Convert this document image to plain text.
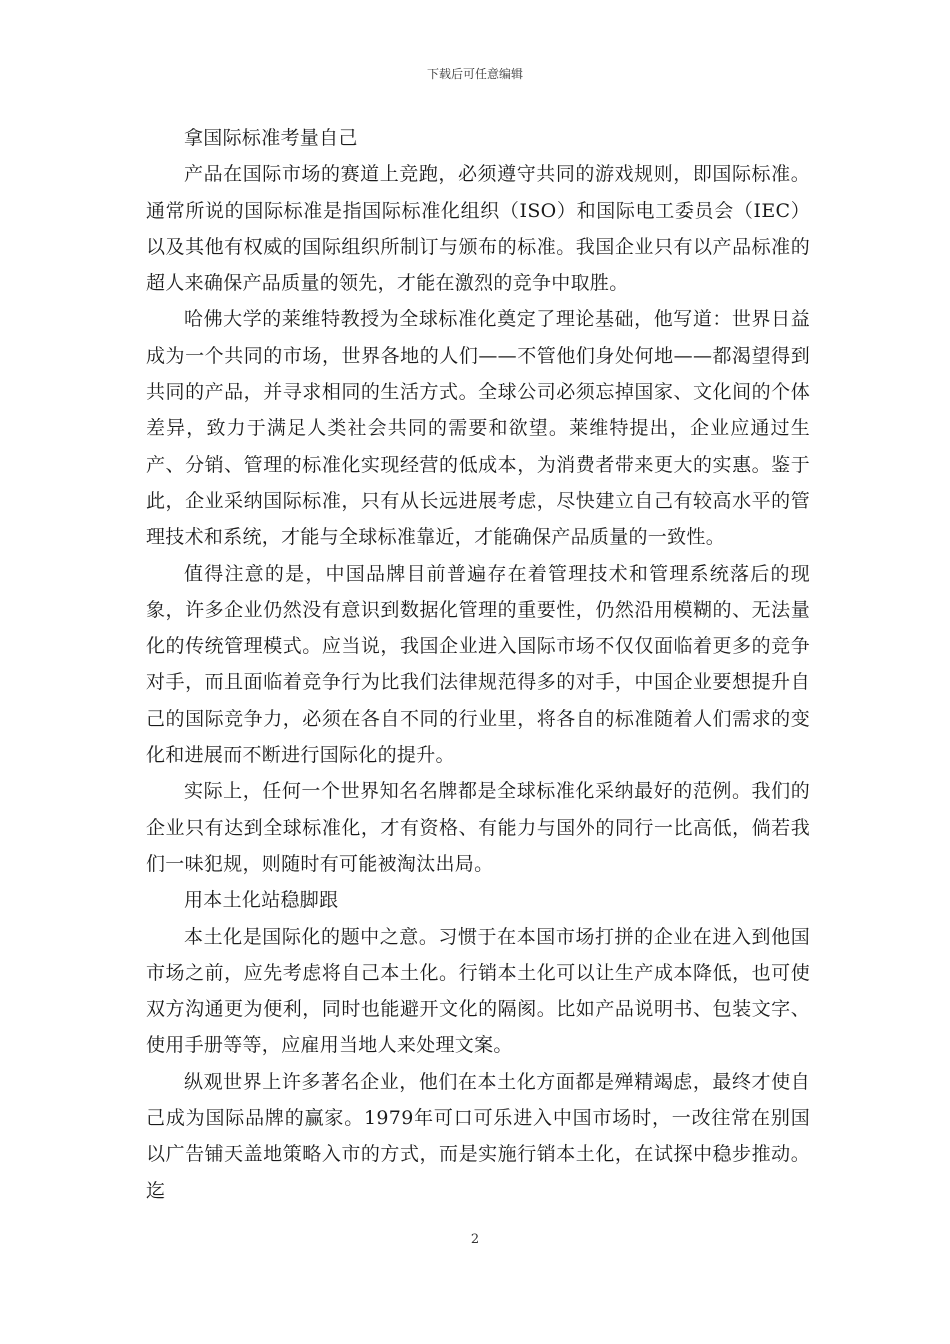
下载后可任意编辑

拿国际标准考量自己

产品在国际市场的赛道上竞跑，必须遵守共同的游戏规则，即国际标准。通常所说的国际标准是指国际标准化组织（ISO）和国际电工委员会（IEC）以及其他有权威的国际组织所制订与颁布的标准。我国企业只有以产品标准的超人来确保产品质量的领先，才能在激烈的竞争中取胜。

哈佛大学的莱维特教授为全球标准化奠定了理论基础，他写道：世界日益成为一个共同的市场，世界各地的人们——不管他们身处何地——都渴望得到共同的产品，并寻求相同的生活方式。全球公司必须忘掉国家、文化间的个体差异，致力于满足人类社会共同的需要和欲望。莱维特提出，企业应通过生产、分销、管理的标准化实现经营的低成本，为消费者带来更大的实惠。鉴于此，企业采纳国际标准，只有从长远进展考虑，尽快建立自己有较高水平的管理技术和系统，才能与全球标准靠近，才能确保产品质量的一致性。

值得注意的是，中国品牌目前普遍存在着管理技术和管理系统落后的现象，许多企业仍然没有意识到数据化管理的重要性，仍然沿用模糊的、无法量化的传统管理模式。应当说，我国企业进入国际市场不仅仅面临着更多的竞争对手，而且面临着竞争行为比我们法律规范得多的对手，中国企业要想提升自己的国际竞争力，必须在各自不同的行业里，将各自的标准随着人们需求的变化和进展而不断进行国际化的提升。

实际上，任何一个世界知名名牌都是全球标准化采纳最好的范例。我们的企业只有达到全球标准化，才有资格、有能力与国外的同行一比高低，倘若我们一味犯规，则随时有可能被淘汰出局。

用本土化站稳脚跟

本土化是国际化的题中之意。习惯于在本国市场打拼的企业在进入到他国市场之前，应先考虑将自己本土化。行销本土化可以让生产成本降低，也可使双方沟通更为便利，同时也能避开文化的隔阂。比如产品说明书、包装文字、使用手册等等，应雇用当地人来处理文案。

纵观世界上许多著名企业，他们在本土化方面都是殚精竭虑，最终才使自己成为国际品牌的赢家。1979年可口可乐进入中国市场时，一改往常在别国以广告铺天盖地策略入市的方式，而是实施行销本土化，在试探中稳步推动。迄

2
